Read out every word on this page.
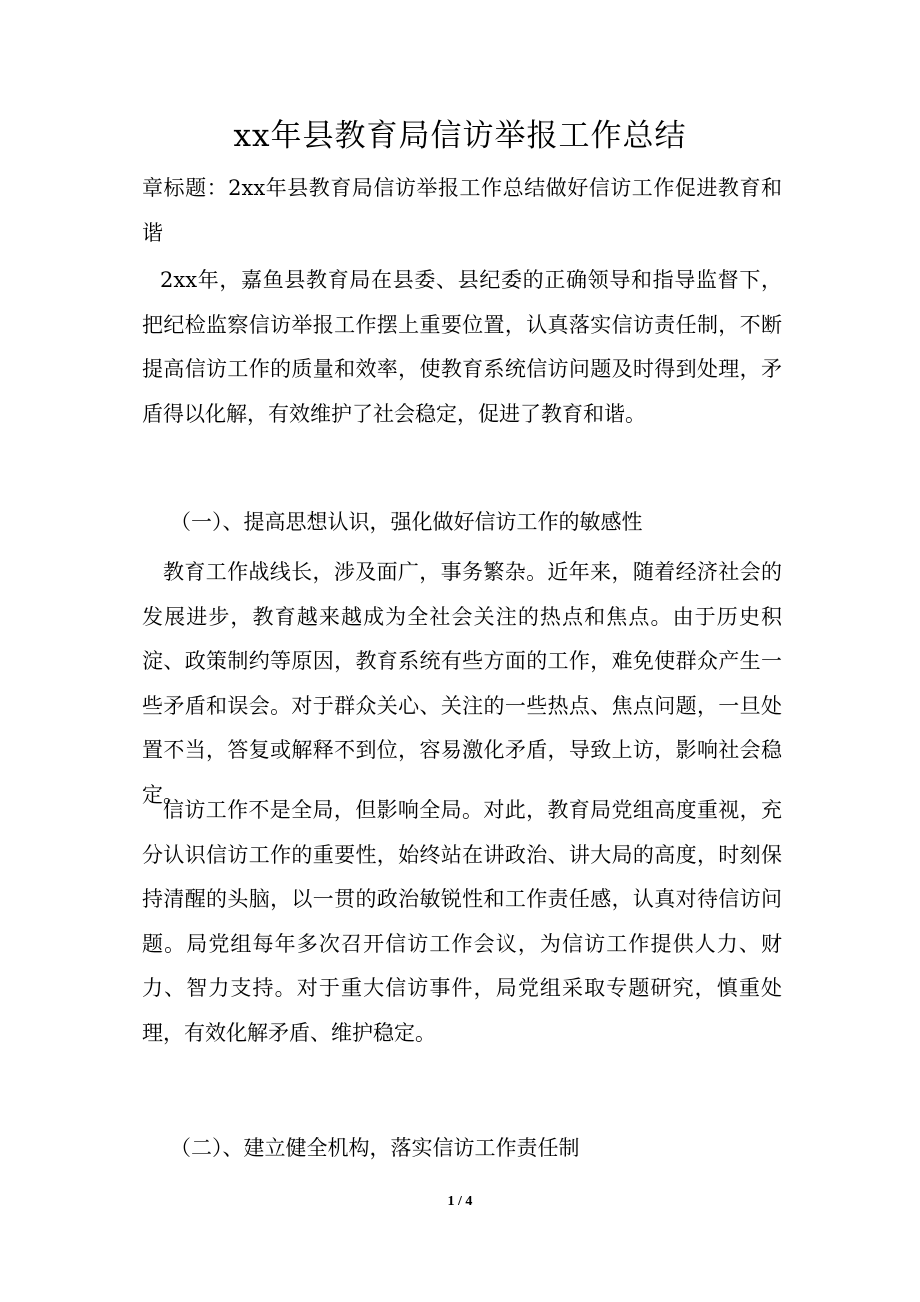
xx年县教育局信访举报工作总结

章标题：2xx年县教育局信访举报工作总结做好信访工作促进教育和谐

2xx年，嘉鱼县教育局在县委、县纪委的正确领导和指导监督下，把纪检监察信访举报工作摆上重要位置，认真落实信访责任制，不断提高信访工作的质量和效率，使教育系统信访问题及时得到处理，矛盾得以化解，有效维护了社会稳定，促进了教育和谐。

（一）、提高思想认识，强化做好信访工作的敏感性

教育工作战线长，涉及面广，事务繁杂。近年来，随着经济社会的发展进步，教育越来越成为全社会关注的热点和焦点。由于历史积淀、政策制约等原因，教育系统有些方面的工作，难免使群众产生一些矛盾和误会。对于群众关心、关注的一些热点、焦点问题，一旦处置不当，答复或解释不到位，容易激化矛盾，导致上访，影响社会稳定。

信访工作不是全局，但影响全局。对此，教育局党组高度重视，充分认识信访工作的重要性，始终站在讲政治、讲大局的高度，时刻保持清醒的头脑，以一贯的政治敏锐性和工作责任感，认真对待信访问题。局党组每年多次召开信访工作会议，为信访工作提供人力、财力、智力支持。对于重大信访事件，局党组采取专题研究，慎重处理，有效化解矛盾、维护稳定。

（二）、建立健全机构，落实信访工作责任制

1 / 4
